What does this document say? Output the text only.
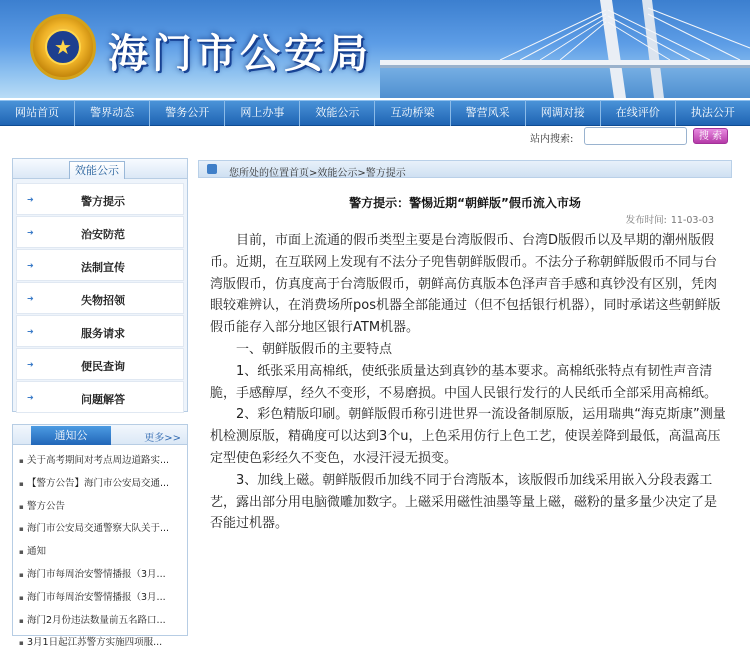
★ 海门市公安局
网站首页	警界动态	警务公开	网上办事	效能公示	互动桥梁	警营风采	网调对接	在线评价	执法公开
站内搜索:	搜 索
效能公示
➜	警方提示
➜	治安防范
➜	法制宣传
➜	失物招领
➜	服务请求
➜	便民查询
➜	问题解答
通知公	更多>>
▪ 关于高考期间对考点周边道路实...
▪ 【警方公告】海门市公安局交通...
▪ 警方公告
▪ 海门市公安局交通警察大队关于...
▪ 通知
▪ 海门市每周治安警情播报（3月...
▪ 海门市每周治安警情播报（3月...
▪ 海门2月份违法数量前五名路口...
▪ 3月1日起江苏警方实施四项服...
您所处的位置首页>效能公示>警方提示
警方提示：警惕近期“朝鲜版”假币流入市场
发布时间: 11-03-03

目前，市面上流通的假币类型主要是台湾版假币、台湾D版假币以及早期的潮州版假币。近期，在互联网上发现有不法分子兜售朝鲜版假币。不法分子称朝鲜版假币不同与台湾版假币，仿真度高于台湾版假币，朝鲜高仿真版本色泽声音手感和真钞没有区别，凭肉眼较难辨认，在消费场所pos机器全部能通过（但不包括银行机器），同时承诺这些朝鲜版假币能存入部分地区银行ATM机器。

一、朝鲜版假币的主要特点

1、纸张采用高棉纸，使纸张质量达到真钞的基本要求。高棉纸张特点有韧性声音清脆，手感醇厚，经久不变形，不易磨损。中国人民银行发行的人民纸币全部采用高棉纸。

2、彩色精版印刷。朝鲜版假币称引进世界一流设备制原版，运用瑞典“海克斯康”测量机检测原版，精确度可以达到3个u，上色采用仿行上色工艺，使误差降到最低，高温高压定型使色彩经久不变色，水浸汗浸无损变。

3、加线上磁。朝鲜版假币加线不同于台湾版本，该版假币加线采用嵌入分段表露工艺，露出部分用电脑微雕加数字。上磁采用磁性油墨等量上磁，磁粉的量多量少决定了是否能过机器。
